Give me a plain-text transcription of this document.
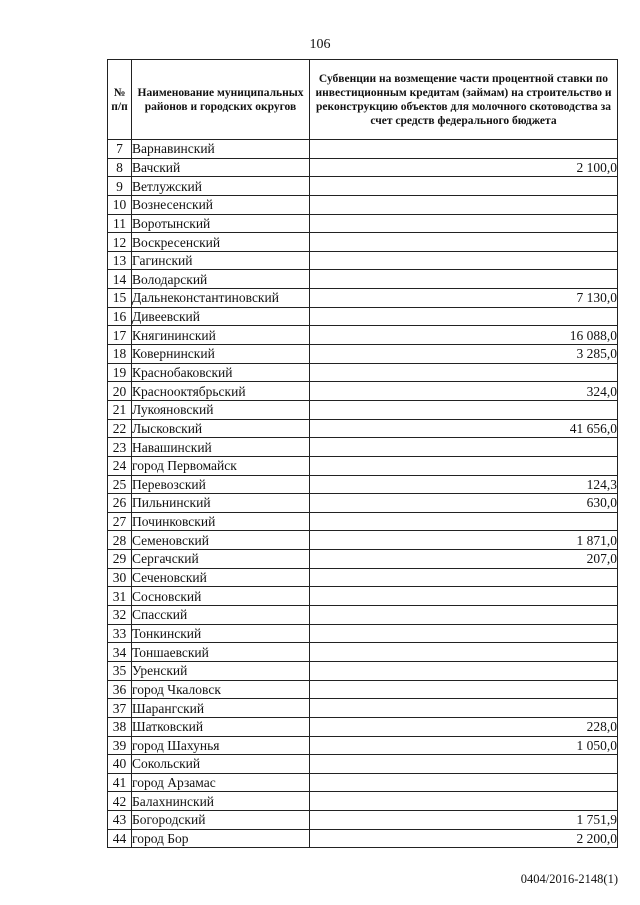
106
№ п/п	Наименование муниципальных районов и городских округов	Субвенции на возмещение части процентной ставки по инвестиционным кредитам (займам) на строительство и реконструкцию объектов для молочного скотоводства за счет средств федерального бюджета
7	Варнавинский	
8	Вачский	2 100,0
9	Ветлужский	
10	Вознесенский	
11	Воротынский	
12	Воскресенский	
13	Гагинский	
14	Володарский	
15	Дальнеконстантиновский	7 130,0
16	Дивеевский	
17	Княгининский	16 088,0
18	Ковернинский	3 285,0
19	Краснобаковский	
20	Краснооктябрьский	324,0
21	Лукояновский	
22	Лысковский	41 656,0
23	Навашинский	
24	город Первомайск	
25	Перевозский	124,3
26	Пильнинский	630,0
27	Починковский	
28	Семеновский	1 871,0
29	Сергачский	207,0
30	Сеченовский	
31	Сосновский	
32	Спасский	
33	Тонкинский	
34	Тоншаевский	
35	Уренский	
36	город Чкаловск	
37	Шарангский	
38	Шатковский	228,0
39	город Шахунья	1 050,0
40	Сокольский	
41	город Арзамас	
42	Балахнинский	
43	Богородский	1 751,9
44	город Бор	2 200,0
0404/2016-2148(1)
